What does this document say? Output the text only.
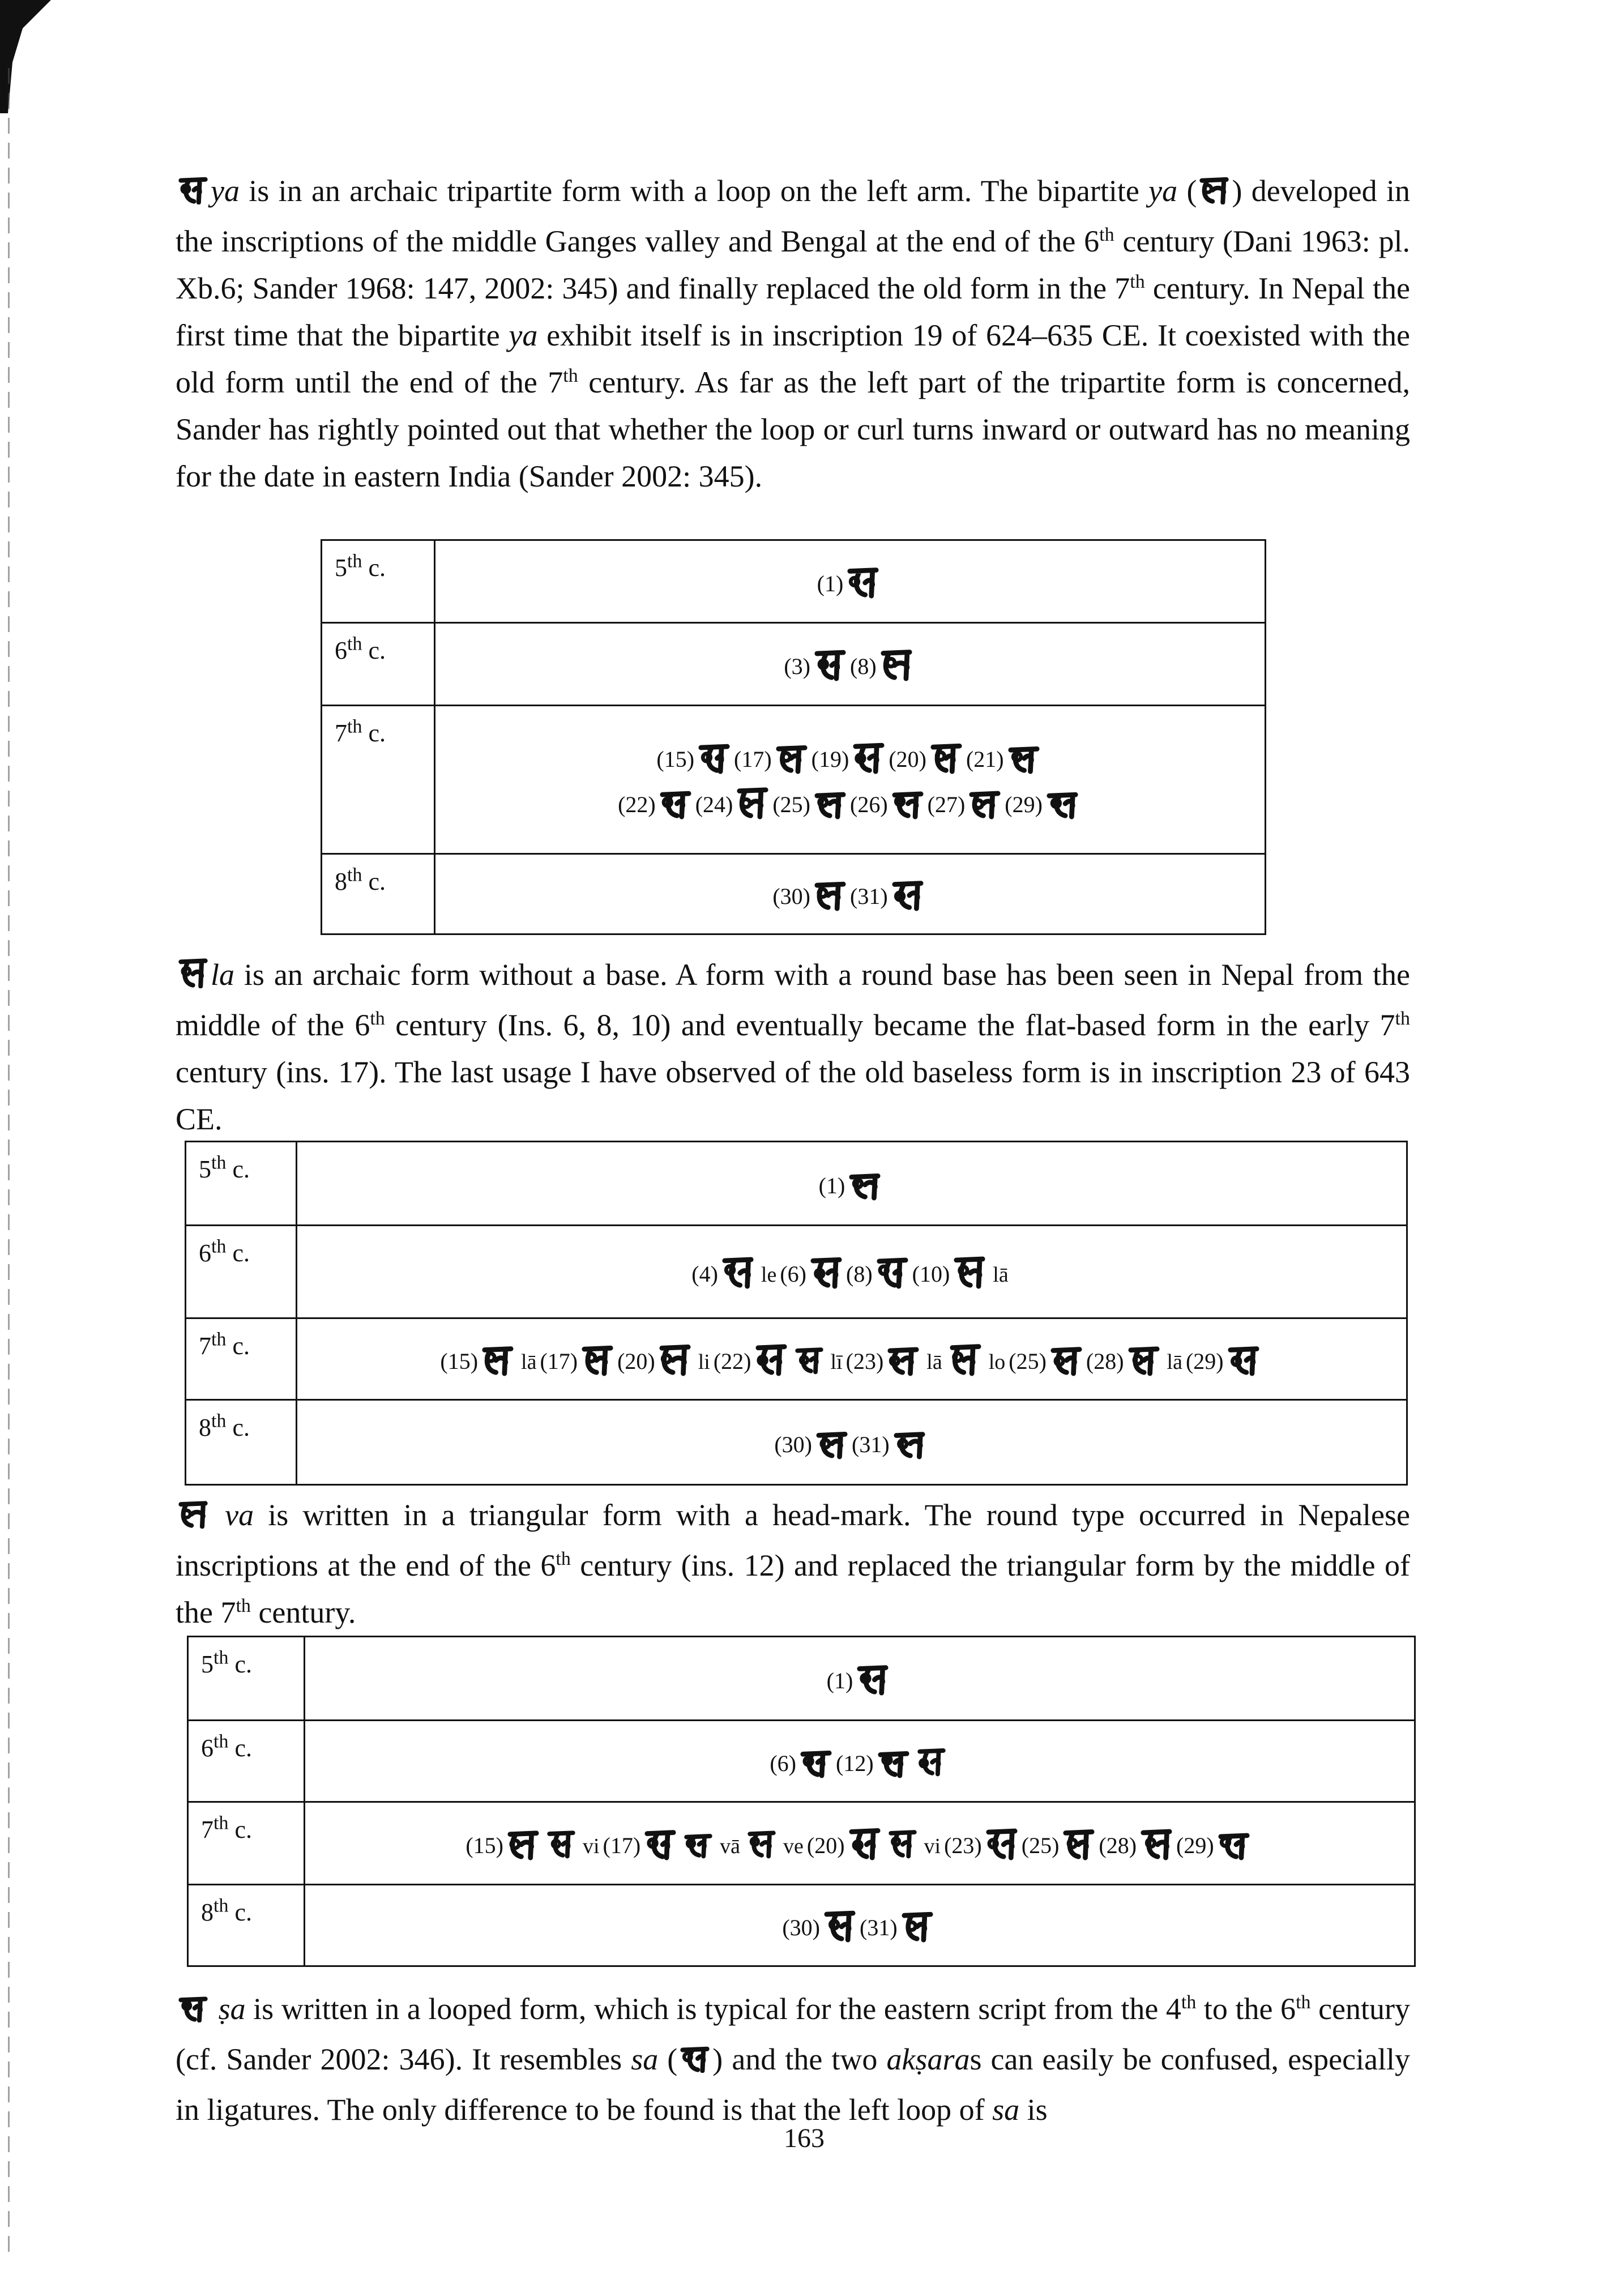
ya is in an archaic tripartite form with a loop on the left arm. The bipartite ya ( ) developed in the inscriptions of the middle Ganges valley and Bengal at the end of the 6th century (Dani 1963: pl. Xb.6; Sander 1968: 147, 2002: 345) and finally replaced the old form in the 7th century. In Nepal the first time that the bipartite ya exhibit itself is in inscription 19 of 624–635 CE. It coexisted with the old form until the end of the 7th century. As far as the left part of the tripartite form is concerned, Sander has rightly pointed out that whether the loop or curl turns inward or outward has no meaning for the date in eastern India (Sander 2002: 345).

5th c.	(1)

6th c.	(3) (8)

7th c.	(15) (17) (19) (20) (21)
(22) (24) (25) (26) (27) (29)

8th c.	(30) (31)

la is an archaic form without a base. A form with a round base has been seen in Nepal from the middle of the 6th century (Ins. 6, 8, 10) and eventually became the flat-based form in the early 7th century (ins. 17). The last usage I have observed of the old baseless form is in inscription 23 of 643 CE.

5th c.	(1)

6th c.	(4) le (6) (8) (10) lā

7th c.	(15) lā (17) (20) li (22) lī (23) lā lo (25) (28) lā (29)

8th c.	(30) (31)

va is written in a triangular form with a head-mark. The round type occurred in Nepalese inscriptions at the end of the 6th century (ins. 12) and replaced the triangular form by the middle of the 7th century.

5th c.	(1)

6th c.	(6) (12)

7th c.	(15) vi (17) vā ve (20) vi (23) (25) (28) (29)

8th c.	(30) (31)

ṣa is written in a looped form, which is typical for the eastern script from the 4th to the 6th century (cf. Sander 2002: 346). It resembles sa ( ) and the two akṣaras can easily be confused, especially in ligatures. The only difference to be found is that the left loop of sa is

163
